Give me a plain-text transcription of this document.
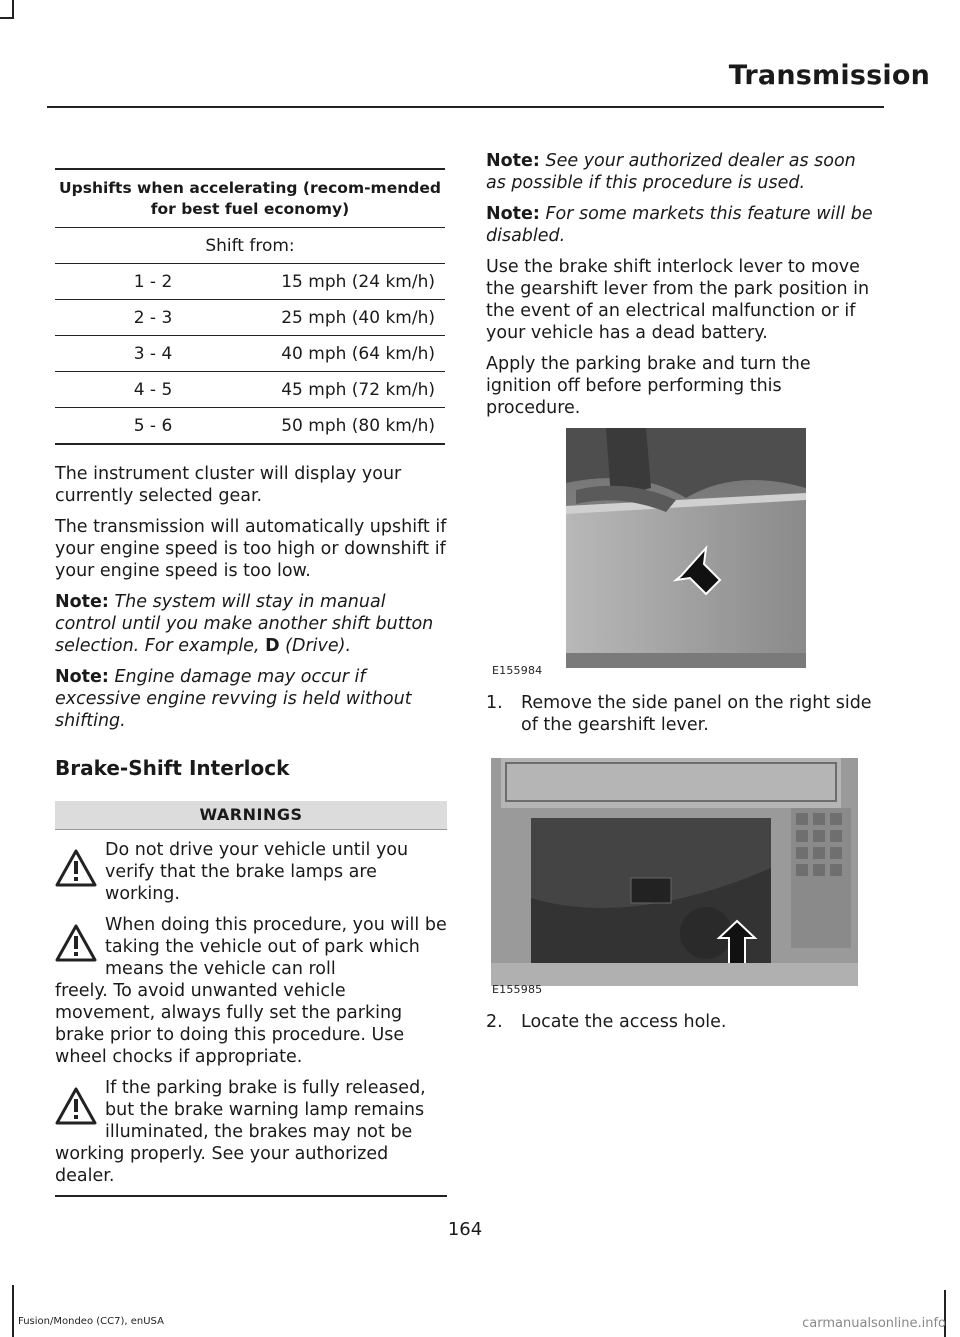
Transmission
Upshifts when accelerating (recom-mended for best fuel economy)	
Shift from:	
1 - 2	15 mph (24 km/h)
2 - 3	25 mph (40 km/h)
3 - 4	40 mph (64 km/h)
4 - 5	45 mph (72 km/h)
5 - 6	50 mph (80 km/h)

The instrument cluster will display your currently selected gear.

The transmission will automatically upshift if your engine speed is too high or downshift if your engine speed is too low.

Note: The system will stay in manual control until you make another shift button selection. For example, D (Drive).

Note: Engine damage may occur if excessive engine revving is held without shifting.

Brake-Shift Interlock
WARNINGS
Do not drive your vehicle until you verify that the brake lamps are working.
When doing this procedure, you will be taking the vehicle out of park which means the vehicle can roll
freely. To avoid unwanted vehicle movement, always fully set the parking brake prior to doing this procedure. Use wheel chocks if appropriate.
If the parking brake is fully released, but the brake warning lamp remains illuminated, the brakes may not be
working properly. See your authorized dealer.

Note: See your authorized dealer as soon as possible if this procedure is used.

Note: For some markets this feature will be disabled.

Use the brake shift interlock lever to move the gearshift lever from the park position in the event of an electrical malfunction or if your vehicle has a dead battery.

Apply the parking brake and turn the ignition off before performing this procedure.

E155984
1. Remove the side panel on the right side of the gearshift lever.
E155985
2. Locate the access hole.
164
Fusion/Mondeo (CC7), enUSA	carmanualsonline.info
